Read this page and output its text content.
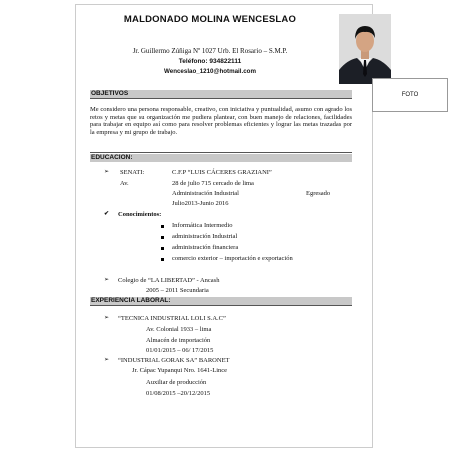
MALDONADO MOLINA WENCESLAO
Jr. Guillermo Zúñiga Nº 1027 Urb. El Rosario – S.M.P.
Teléfono: 934822111
Wenceslao_1210@hotmail.com
FOTO
OBJETIVOS
Me considero una persona responsable, creativo, con iniciativa y puntualidad, asumo con agrado los retos y metas que su organización me pudiera plantear, con buen manejo de relaciones, facilidades para trabajar en equipo así como para resolver problemas eficientes y lograr las metas trazadas por la empresa y mi grupo de trabajo.
EDUCACION:
➢ SENATI:	C.F.P “LUIS CÁCERES GRAZIANI”
Av.	28 de julio 715 cercado de lima
Administración Industrial	Egresado
Julio2013-Junio 2016
✔ Conocimientos:
Informática Intermedio
administración Industrial
administración financiera
comercio exterior – importación e exportación
➢ Colegio de “LA LIBERTAD” - Ancash
2005 – 2011 Secundaria
EXPERIENCIA LABORAL:
➢ “TECNICA INDUSTRIAL LOLI S.A.C”
Av. Colonial 1933 – lima
Almacén de importación
01/01/2015 – 06/ 17/2015
➢ “INDUSTRIAL GORAK SA” BARONET
Jr. Cápac Yupanqui Nro. 1641-Lince
Auxiliar de producción
01/08/2015 –20/12/2015
